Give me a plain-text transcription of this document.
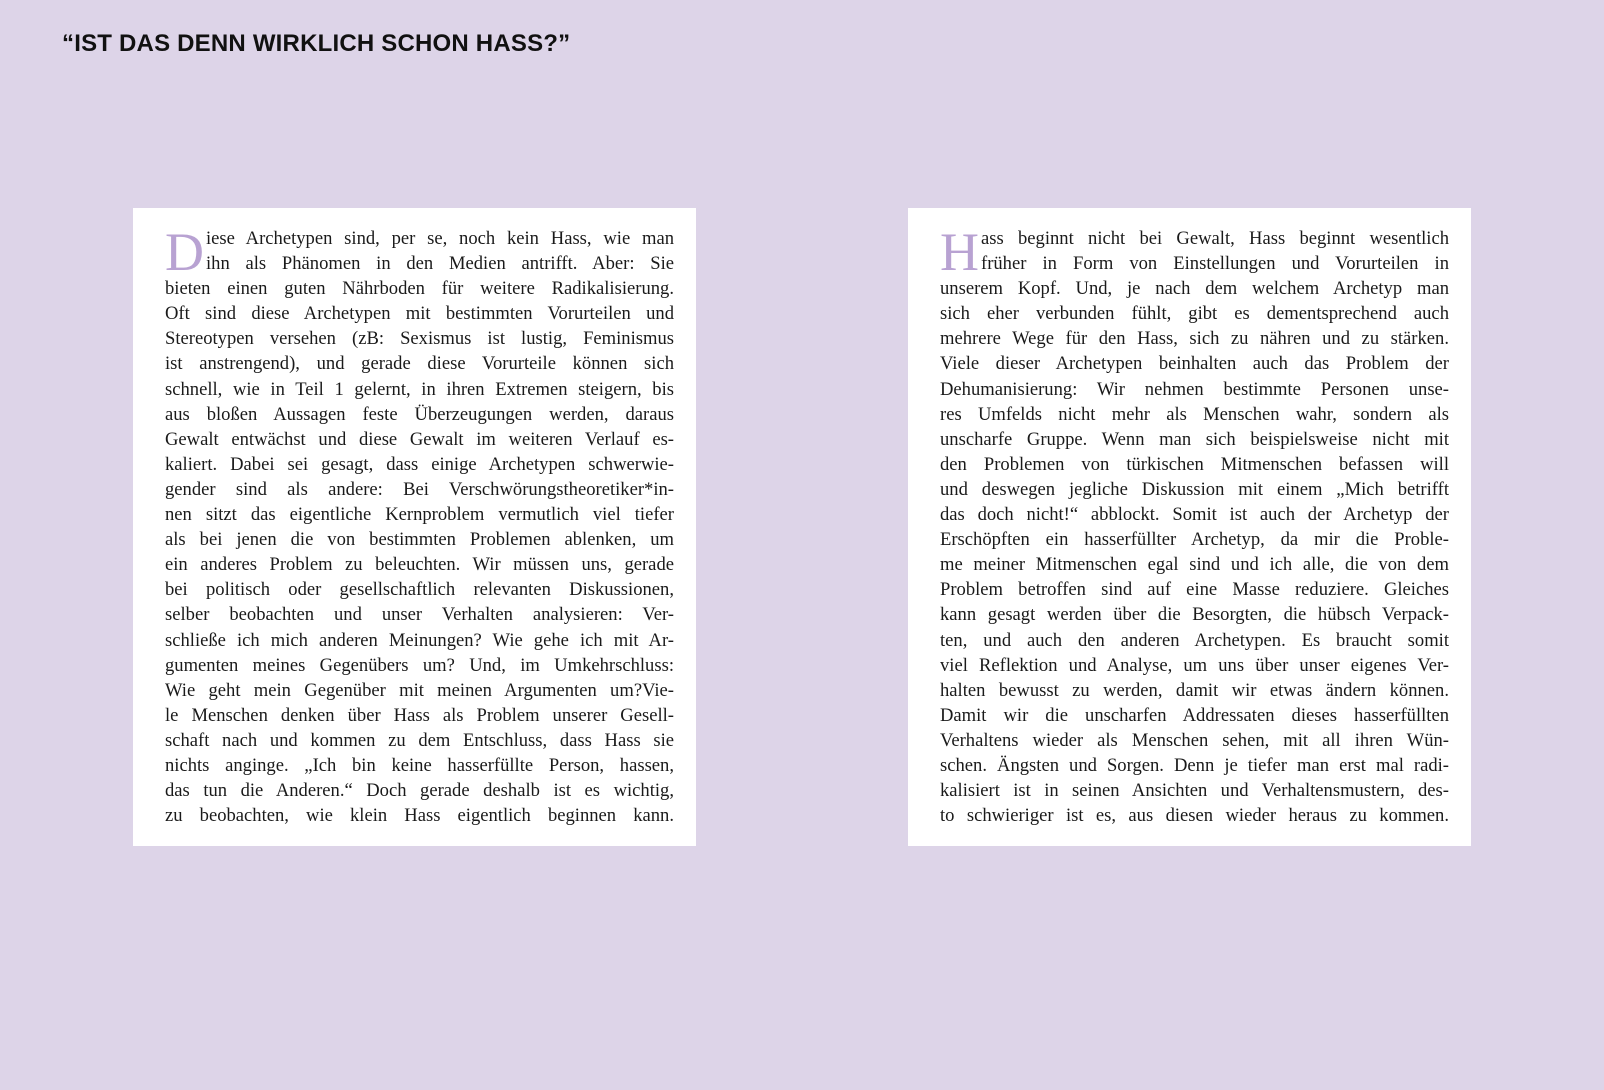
“IST DAS DENN WIRKLICH SCHON HASS?”
D iese Archetypen sind, per se, noch kein Hass, wie man
ihn als Phänomen in den Medien antrifft. Aber: Sie
bieten einen guten Nährboden für weitere Radikalisierung.
Oft sind diese Archetypen mit bestimmten Vorurteilen und
Stereotypen versehen (zB: Sexismus ist lustig, Feminismus
ist anstrengend), und gerade diese Vorurteile können sich
schnell, wie in Teil 1 gelernt, in ihren Extremen steigern, bis
aus bloßen Aussagen feste Überzeugungen werden, daraus
Gewalt entwächst und diese Gewalt im weiteren Verlauf es-
kaliert. Dabei sei gesagt, dass einige Archetypen schwerwie-
gender sind als andere: Bei Verschwörungstheoretiker*in-
nen sitzt das eigentliche Kernproblem vermutlich viel tiefer
als bei jenen die von bestimmten Problemen ablenken, um
ein anderes Problem zu beleuchten. Wir müssen uns, gerade
bei politisch oder gesellschaftlich relevanten Diskussionen,
selber beobachten und unser Verhalten analysieren: Ver-
schließe ich mich anderen Meinungen? Wie gehe ich mit Ar-
gumenten meines Gegenübers um? Und, im Umkehrschluss:
Wie geht mein Gegenüber mit meinen Argumenten um?Vie-
le Menschen denken über Hass als Problem unserer Gesell-
schaft nach und kommen zu dem Entschluss, dass Hass sie
nichts anginge. „Ich bin keine hasserfüllte Person, hassen,
das tun die Anderen.“ Doch gerade deshalb ist es wichtig,
zu beobachten, wie klein Hass eigentlich beginnen kann.
H ass beginnt nicht bei Gewalt, Hass beginnt wesentlich
früher in Form von Einstellungen und Vorurteilen in
unserem Kopf. Und, je nach dem welchem Archetyp man
sich eher verbunden fühlt, gibt es dementsprechend auch
mehrere Wege für den Hass, sich zu nähren und zu stärken.
Viele dieser Archetypen beinhalten auch das Problem der
Dehumanisierung: Wir nehmen bestimmte Personen unse-
res Umfelds nicht mehr als Menschen wahr, sondern als
unscharfe Gruppe. Wenn man sich beispielsweise nicht mit
den Problemen von türkischen Mitmenschen befassen will
und deswegen jegliche Diskussion mit einem „Mich betrifft
das doch nicht!“ abblockt. Somit ist auch der Archetyp der
Erschöpften ein hasserfüllter Archetyp, da mir die Proble-
me meiner Mitmenschen egal sind und ich alle, die von dem
Problem betroffen sind auf eine Masse reduziere. Gleiches
kann gesagt werden über die Besorgten, die hübsch Verpack-
ten, und auch den anderen Archetypen. Es braucht somit
viel Reflektion und Analyse, um uns über unser eigenes Ver-
halten bewusst zu werden, damit wir etwas ändern können.
Damit wir die unscharfen Addressaten dieses hasserfüllten
Verhaltens wieder als Menschen sehen, mit all ihren Wün-
schen. Ängsten und Sorgen. Denn je tiefer man erst mal radi-
kalisiert ist in seinen Ansichten und Verhaltensmustern, des-
to schwieriger ist es, aus diesen wieder heraus zu kommen.
